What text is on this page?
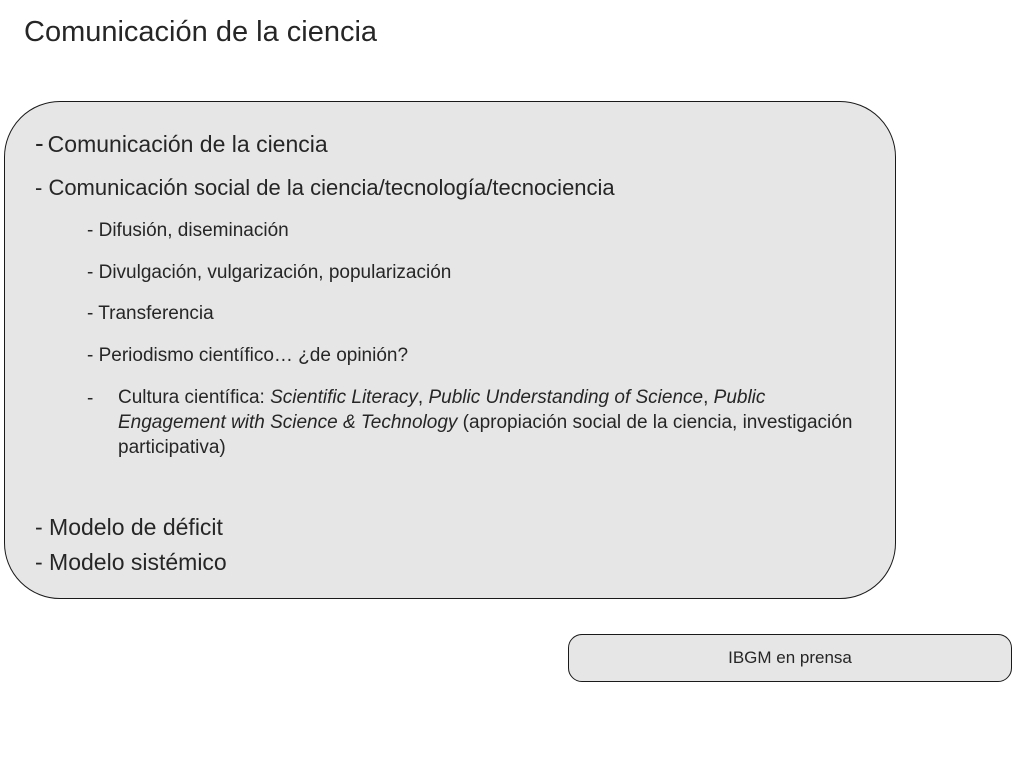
Comunicación de la ciencia
- Comunicación de la ciencia
- Comunicación social de la ciencia/tecnología/tecnociencia
- Difusión, diseminación
- Divulgación, vulgarización, popularización
- Transferencia
- Periodismo científico… ¿de opinión?
- Cultura científica: Scientific Literacy, Public Understanding of Science, Public Engagement with Science & Technology (apropiación social de la ciencia, investigación participativa)
- Modelo de déficit
- Modelo sistémico
IBGM en prensa
